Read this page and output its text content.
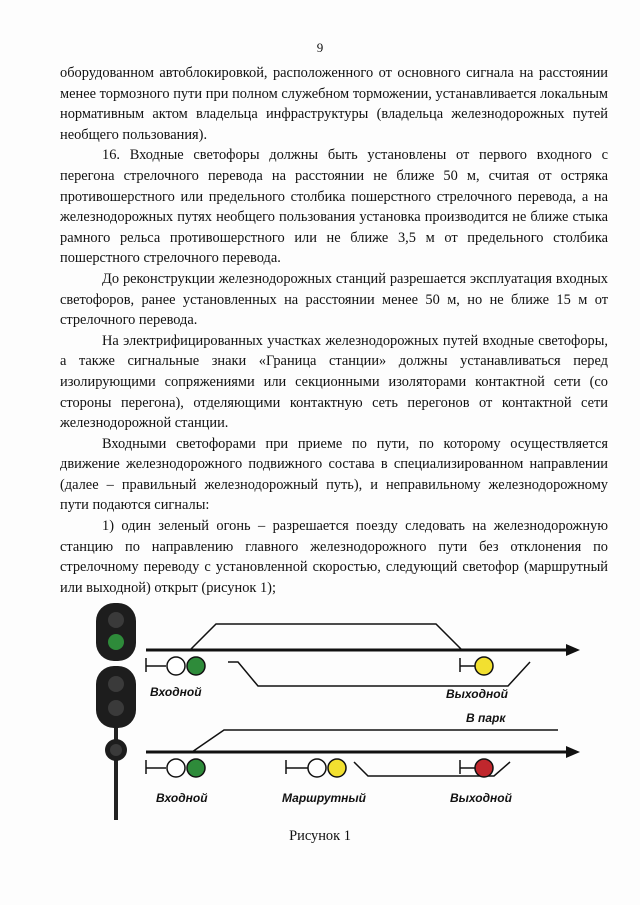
9

оборудованном автоблокировкой, расположенного от основного сигнала на расстоянии менее тормозного пути при полном служебном торможении, устанавливается локальным нормативным актом владельца инфраструктуры (владельца железнодорожных путей необщего пользования).

16. Входные светофоры должны быть установлены от первого входного с перегона стрелочного перевода на расстоянии не ближе 50 м, считая от остряка противошерстного или предельного столбика пошерстного стрелочного перевода, а на железнодорожных путях необщего пользования установка производится не ближе стыка рамного рельса противошерстного или не ближе 3,5 м от предельного столбика пошерстного стрелочного перевода.

До реконструкции железнодорожных станций разрешается эксплуатация входных светофоров, ранее установленных на расстоянии менее 50 м, но не ближе 15 м от стрелочного перевода.

На электрифицированных участках железнодорожных путей входные светофоры, а также сигнальные знаки «Граница станции» должны устанавливаться перед изолирующими сопряжениями или секционными изоляторами контактной сети (со стороны перегона), отделяющими контактную сеть перегонов от контактной сети железнодорожной станции.

Входными светофорами при приеме по пути, по которому осуществляется движение железнодорожного подвижного состава в специализированном направлении (далее – правильный железнодорожный путь), и неправильному железнодорожному пути подаются сигналы:

1) один зеленый огонь – разрешается поезду следовать на железнодорожную станцию по направлению главного железнодорожного пути без отклонения по стрелочному переводу с установленной скоростью, следующий светофор (маршрутный или выходной) открыт (рисунок 1);

Входной	Выходной
В парк
Входной	Маршрутный	Выходной
Рисунок 1
